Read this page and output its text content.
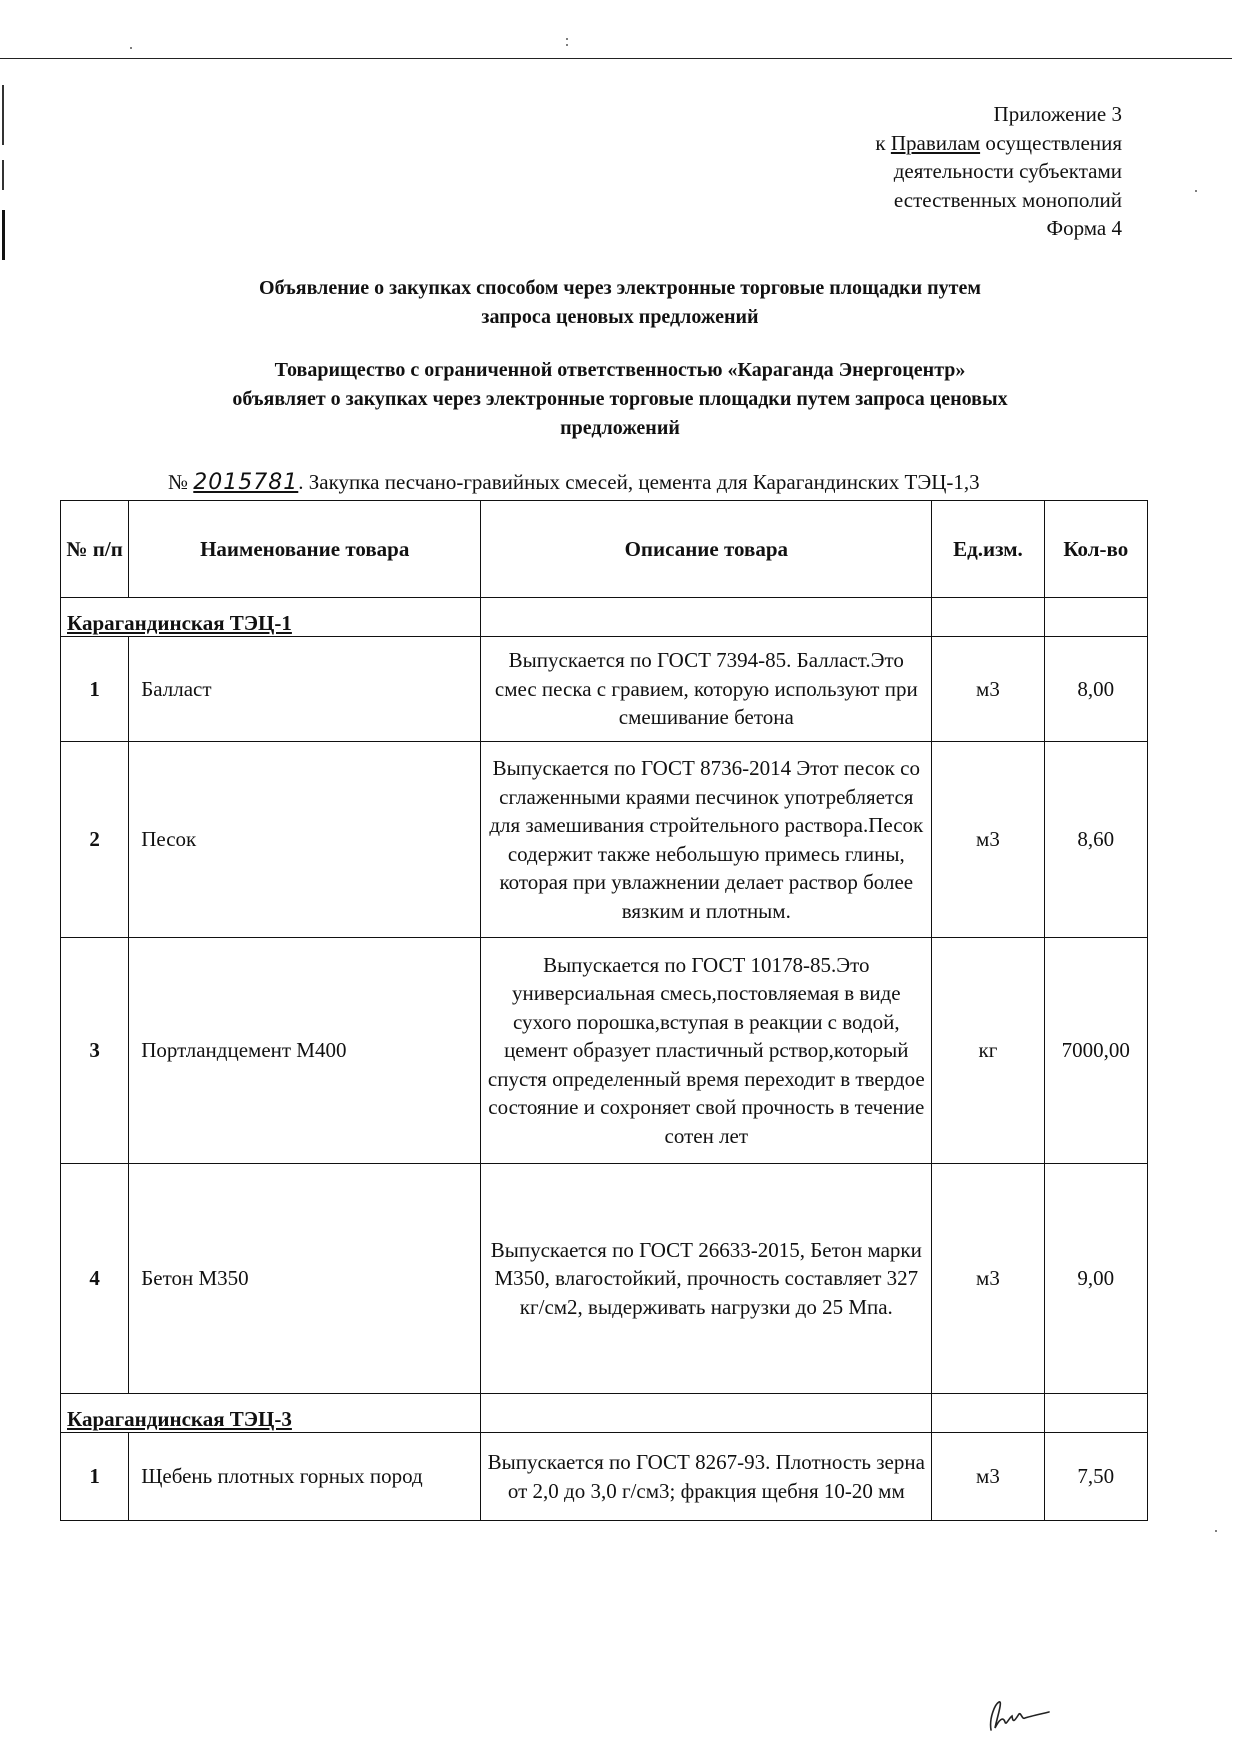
Приложение 3
к Правилам осуществления
деятельности субъектами
естественных монополий
Форма 4
Объявление о закупках способом через электронные торговые площадки путем
запроса ценовых предложений
Товарищество с ограниченной ответственностью «Караганда Энергоцентр»
объявляет о закупках через электронные торговые площадки путем запроса ценовых
предложений
№ 2015781. Закупка песчано-гравийных смесей, цемента для Карагандинских ТЭЦ-1,3
№ п/п	Наименование товара	Описание товара	Ед.изм.	Кол-во
Карагандинская ТЭЦ-1				
1	Балласт	Выпускается по ГОСТ 7394-85. Балласт.Это смес песка с гравием, которую используют при смешивание бетона	м3	8,00
2	Песок	Выпускается по ГОСТ 8736-2014 Этот песок со сглаженными краями песчинок употребляется для замешивания стройтельного раствора.Песок содержит также небольшую примесь глины, которая при увлажнении делает раствор более вязким и плотным.	м3	8,60
3	Портландцемент М400	Выпускается по ГОСТ 10178-85.Это универсиальная смесь,постовляемая в виде сухого порошка,вступая в реакции с водой, цемент образует пластичный рствор,который спустя определенный время переходит в твердое состояние и сохроняет свой прочность в течение сотен лет	кг	7000,00
4	Бетон М350	Выпускается по ГОСТ 26633-2015, Бетон марки М350, влагостойкий, прочность составляет 327 кг/см2, выдерживать нагрузки до 25 Мпа.	м3	9,00
Карагандинская ТЭЦ-3				
1	Щебень плотных горных пород	Выпускается по ГОСТ 8267-93. Плотность зерна от 2,0 до 3,0 г/см3; фракция щебня 10-20 мм	м3	7,50
